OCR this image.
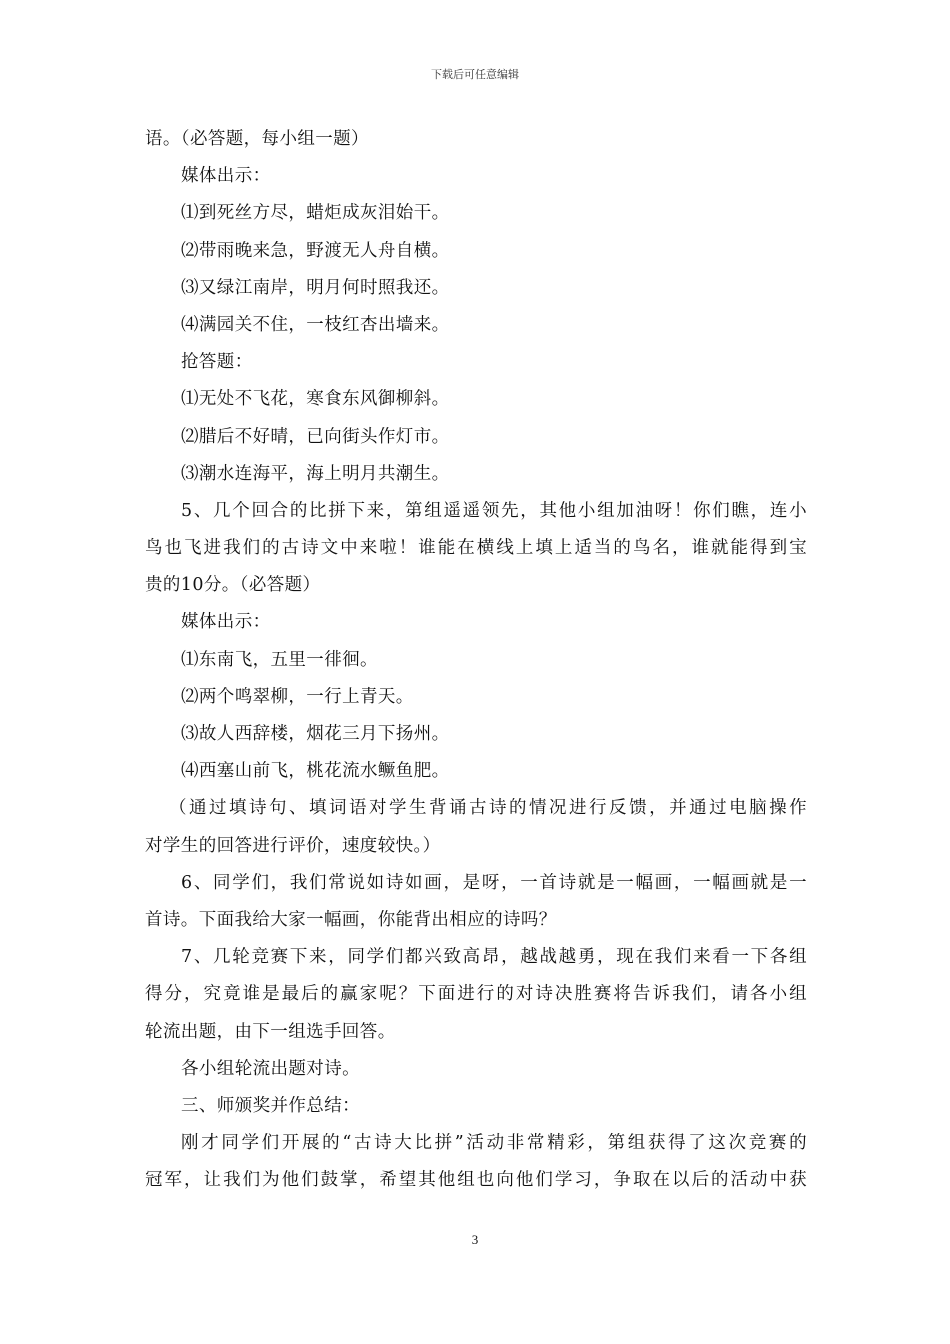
下载后可任意编辑
语。（必答题，每小组一题）
媒体出示：
⑴到死丝方尽，蜡炬成灰泪始干。
⑵带雨晚来急，野渡无人舟自横。
⑶又绿江南岸，明月何时照我还。
⑷满园关不住，一枝红杏出墙来。
抢答题：
⑴无处不飞花，寒食东风御柳斜。
⑵腊后不好晴，已向街头作灯市。
⑶潮水连海平，海上明月共潮生。
5、几个回合的比拼下来，第组遥遥领先，其他小组加油呀！你们瞧，连小
鸟也飞进我们的古诗文中来啦！谁能在横线上填上适当的鸟名，谁就能得到宝
贵的10分。（必答题）
媒体出示：
⑴东南飞，五里一徘徊。
⑵两个鸣翠柳，一行上青天。
⑶故人西辞楼，烟花三月下扬州。
⑷西塞山前飞，桃花流水鳜鱼肥。
（通过填诗句、填词语对学生背诵古诗的情况进行反馈，并通过电脑操作
对学生的回答进行评价，速度较快。）
6、同学们，我们常说如诗如画，是呀，一首诗就是一幅画，一幅画就是一
首诗。下面我给大家一幅画，你能背出相应的诗吗？
7、几轮竞赛下来，同学们都兴致高昂，越战越勇，现在我们来看一下各组
得分，究竟谁是最后的赢家呢？下面进行的对诗决胜赛将告诉我们，请各小组
轮流出题，由下一组选手回答。
各小组轮流出题对诗。
三、师颁奖并作总结：
刚才同学们开展的“古诗大比拼”活动非常精彩，第组获得了这次竞赛的
冠军，让我们为他们鼓掌，希望其他组也向他们学习，争取在以后的活动中获
3
